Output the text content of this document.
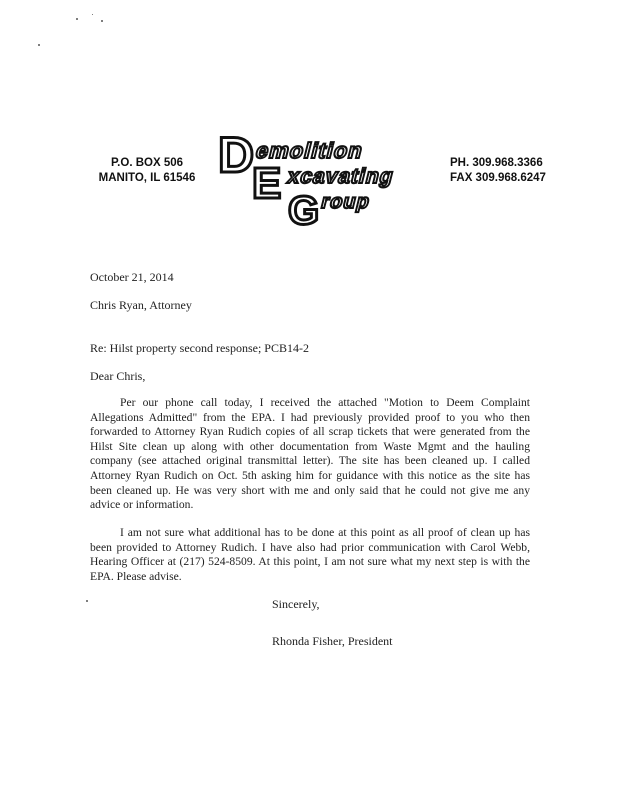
P.O. BOX 506
MANITO, IL 61546
PH. 309.968.3366
FAX 309.968.6247
D
E
G
emolition
xcavating
roup
October 21, 2014
Chris Ryan, Attorney
Re: Hilst property second response; PCB14-2
Dear Chris,
Per our phone call today, I received the attached "Motion to Deem Complaint Allegations Admitted" from the EPA. I had previously provided proof to you who then forwarded to Attorney Ryan Rudich copies of all scrap tickets that were generated from the Hilst Site clean up along with other documentation from Waste Mgmt and the hauling company (see attached original transmittal letter). The site has been cleaned up. I called Attorney Ryan Rudich on Oct. 5th asking him for guidance with this notice as the site has been cleaned up. He was very short with me and only said that he could not give me any advice or information.
I am not sure what additional has to be done at this point as all proof of clean up has been provided to Attorney Rudich. I have also had prior communication with Carol Webb, Hearing Officer at (217) 524-8509. At this point, I am not sure what my next step is with the EPA. Please advise.
Sincerely,
Rhonda Fisher, President
